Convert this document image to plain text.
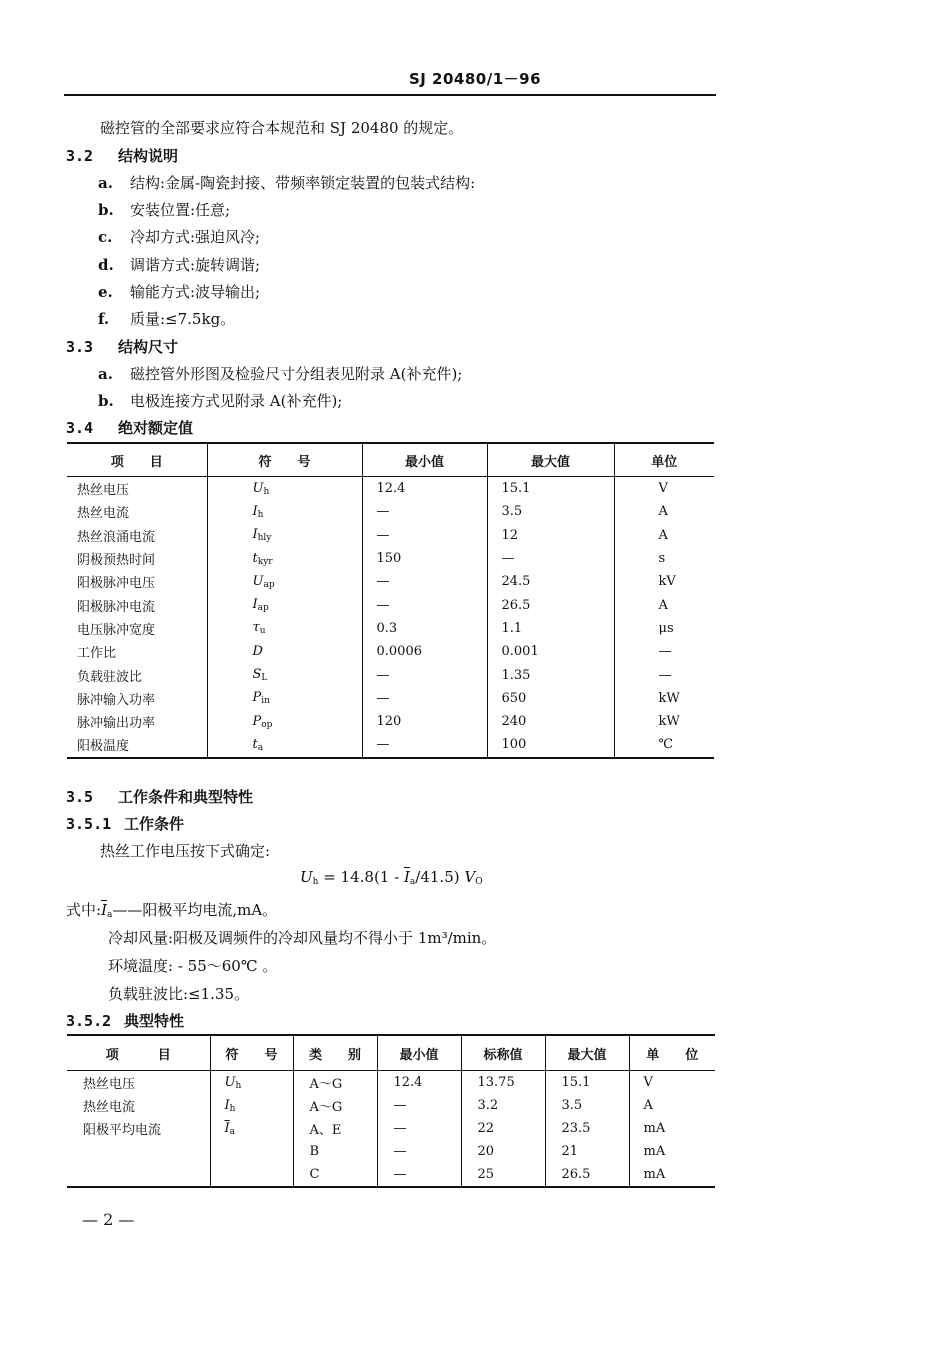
SJ 20480/1－96
磁控管的全部要求应符合本规范和 SJ 20480 的规定。
3.2 结构说明
a. 结构:金属-陶瓷封接、带频率锁定装置的包装式结构:
b. 安装位置:任意;
c. 冷却方式:强迫风冷;
d. 调谐方式:旋转调谐;
e. 输能方式:波导输出;
f. 质量:≤7.5kg。
3.3 结构尺寸
a. 磁控管外形图及检验尺寸分组表见附录 A(补充件);
b. 电极连接方式见附录 A(补充件);
3.4 绝对额定值
项　　目	符　　号	最小值	最大值	单位
热丝电压	$U_h$	12.4	15.1	V
热丝电流	$I_h$	—	3.5	A
热丝浪涌电流	$I_{hly}$	—	12	A
阴极预热时间	$t_{kyr}$	150	—	s
阳极脉冲电压	$U_{ap}$	—	24.5	kV
阳极脉冲电流	$I_{ap}$	—	26.5	A
电压脉冲宽度	$\tau_u$	0.3	1.1	μs
工作比	D	0.0006	0.001	—
负载驻波比	$S_L$	—	1.35	—
脉冲输入功率	$P_{in}$	—	650	kW
脉冲输出功率	$P_{op}$	120	240	kW
阳极温度	$t_a$	—	100	℃
3.5 工作条件和典型特性
3.5.1 工作条件
热丝工作电压按下式确定:
$U_h = 14.8(1 - \overline{I}_a/41.5)$ $V_O$
式中$:\overline{I}_a——$阳极平均电流,mA。
冷却风量:阳极及调频件的冷却风量均不得小于 1m³/min。
环境温度: - 55～60℃ 。
负载驻波比:≤1.35。
3.5.2 典型特性
项　　　目	符　　号	类　　别	最小值	标称值	最大值	单　　位
热丝电压	$U_h$	A～G	12.4	13.75	15.1	V
热丝电流	$I_h$	A～G	—	3.2	3.5	A
阳极平均电流	$\overline{I}_a$	A、E	—	22	23.5	mA
		B	—	20	21	mA
		C	—	25	26.5	mA
— 2 —
